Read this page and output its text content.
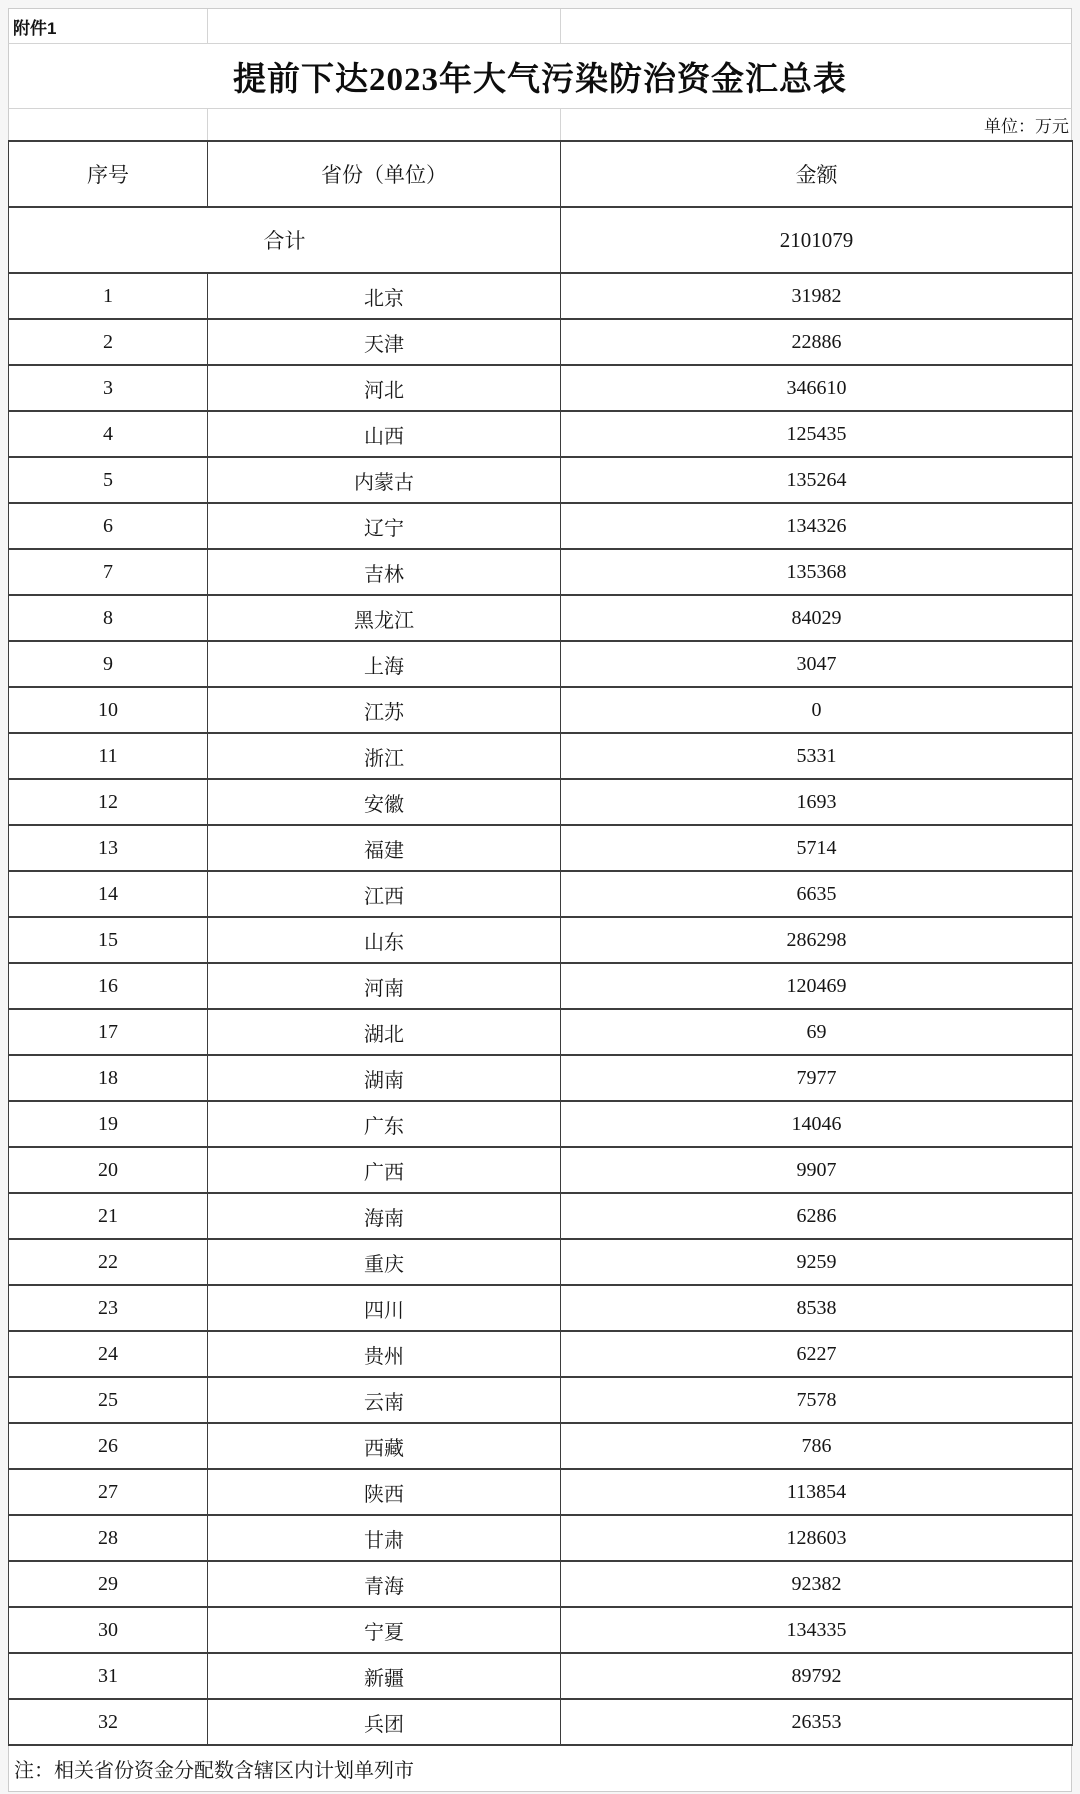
附件1
提前下达2023年大气污染防治资金汇总表
单位：万元
序号	省份（单位）	金额
合计		2101079
1	北京	31982
2	天津	22886
3	河北	346610
4	山西	125435
5	内蒙古	135264
6	辽宁	134326
7	吉林	135368
8	黑龙江	84029
9	上海	3047
10	江苏	0
11	浙江	5331
12	安徽	1693
13	福建	5714
14	江西	6635
15	山东	286298
16	河南	120469
17	湖北	69
18	湖南	7977
19	广东	14046
20	广西	9907
21	海南	6286
22	重庆	9259
23	四川	8538
24	贵州	6227
25	云南	7578
26	西藏	786
27	陕西	113854
28	甘肃	128603
29	青海	92382
30	宁夏	134335
31	新疆	89792
32	兵团	26353
注：相关省份资金分配数含辖区内计划单列市
